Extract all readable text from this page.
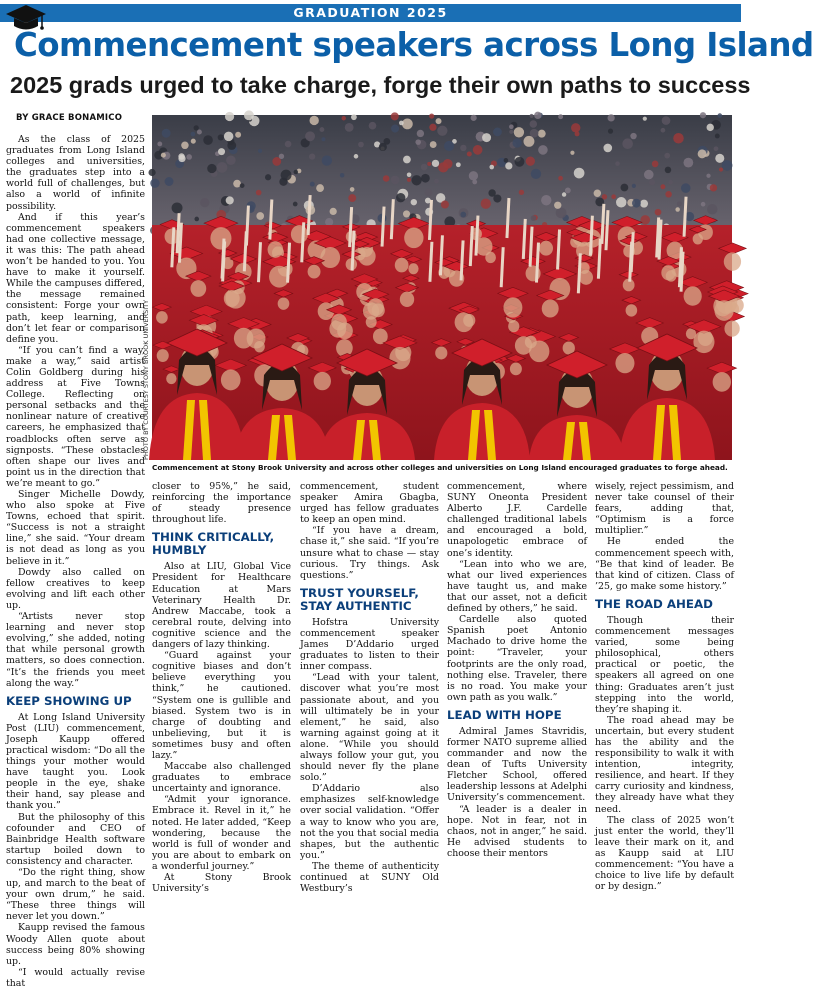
GRADUATION 2025
Commencement speakers across Long Island
2025 grads urged to take charge, forge their own paths to success
BY GRACE BONAMICO
PHOTO BY COURTESY STONY BROOK UNIVERSITY
Commencement at Stony Brook University and across other colleges and universities on Long Island encouraged graduates to forge ahead.

As the class of 2025 graduates from Long Island colleges and universities, the graduates step into a world full of challenges, but also a world of infinite possibility.

And if this year’s commencement speakers had one collective message, it was this: The path ahead won’t be handed to you. You have to make it yourself. While the campuses differed, the message remained consistent: Forge your own path, keep learning, and don’t let fear or comparison define you.

“If you can’t find a way, make a way,” said artist Colin Goldberg during his address at Five Towns College. Reflecting on personal setbacks and the nonlinear nature of creative careers, he emphasized that roadblocks often serve as signposts. “These obstacles often shape our lives and point us in the direction that we’re meant to go.”

Singer Michelle Dowdy, who also spoke at Five Towns, echoed that spirit. “Success is not a straight line,” she said. “Your dream is not dead as long as you believe in it.”

Dowdy also called on fellow creatives to keep evolving and lift each other up.

“Artists never stop learning and never stop evolving,” she added, noting that while personal growth matters, so does connection. “It’s the friends you meet along the way.”

KEEP SHOWING UP

At Long Island University Post (LIU) commencement, Joseph Kaupp offered practical wisdom: “Do all the things your mother would have taught you. Look people in the eye, shake their hand, say please and thank you.”

But the philosophy of this cofounder and CEO of Bainbridge Health software startup boiled down to consistency and character.

“Do the right thing, show up, and march to the beat of your own drum,” he said. “These three things will never let you down.”

Kaupp revised the famous Woody Allen quote about success being 80% showing up.

“I would actually revise that

closer to 95%,” he said, reinforcing the importance of steady presence throughout life.

THINK CRITICALLY, HUMBLY

Also at LIU, Global Vice President for Healthcare Education at Mars Veterinary Health Dr. Andrew Maccabe, took a cerebral route, delving into cognitive science and the dangers of lazy thinking.

“Guard against your cognitive biases and don’t believe everything you think,” he cautioned. “System one is gullible and biased. System two is in charge of doubting and unbelieving, but it is sometimes busy and often lazy.”

Maccabe also challenged graduates to embrace uncertainty and ignorance.

“Admit your ignorance. Embrace it. Revel in it,” he noted. He later added, “Keep wondering, because the world is full of wonder and you are about to embark on a wonderful journey.”

At Stony Brook University’s

commencement, student speaker Amira Gbagba, urged has fellow graduates to keep an open mind.

“If you have a dream, chase it,” she said. “If you’re unsure what to chase — stay curious. Try things. Ask questions.”

TRUST YOURSELF, STAY AUTHENTIC

Hofstra University commencement speaker James D’Addario urged graduates to listen to their inner compass.

“Lead with your talent, discover what you’re most passionate about, and you will ultimately be in your element,” he said, also warning against going at it alone. “While you should always follow your gut, you should never fly the plane solo.”

D’Addario also emphasizes self-knowledge over social validation. “Offer a way to know who you are, not the you that social media shapes, but the authentic you.”

The theme of authenticity continued at SUNY Old Westbury’s

commencement, where SUNY Oneonta President Alberto J.F. Cardelle challenged traditional labels and encouraged a bold, unapologetic embrace of one’s identity.

“Lean into who we are, what our lived experiences have taught us, and make that our asset, not a deficit defined by others,” he said.

Cardelle also quoted Spanish poet Antonio Machado to drive home the point: “Traveler, your footprints are the only road, nothing else. Traveler, there is no road. You make your own path as you walk.”

LEAD WITH HOPE

Admiral James Stavridis, former NATO supreme allied commander and now the dean of Tufts University Fletcher School, offered leadership lessons at Adelphi University’s commencement.

“A leader is a dealer in hope. Not in fear, not in chaos, not in anger,” he said. He advised students to choose their mentors

wisely, reject pessimism, and never take counsel of their fears, adding that, “Optimism is a force multiplier.”

He ended the commencement speech with, “Be that kind of leader. Be that kind of citizen. Class of ’25, go make some history.”

THE ROAD AHEAD

Though their commencement messages varied, some being philosophical, others practical or poetic, the speakers all agreed on one thing: Graduates aren’t just stepping into the world, they’re shaping it.

The road ahead may be uncertain, but every student has the ability and the responsibility to walk it with intention, integrity, resilience, and heart. If they carry curiosity and kindness, they already have what they need.

The class of 2025 won’t just enter the world, they’ll leave their mark on it, and as Kaupp said at LIU commencement: “You have a choice to live life by default or by design.”
